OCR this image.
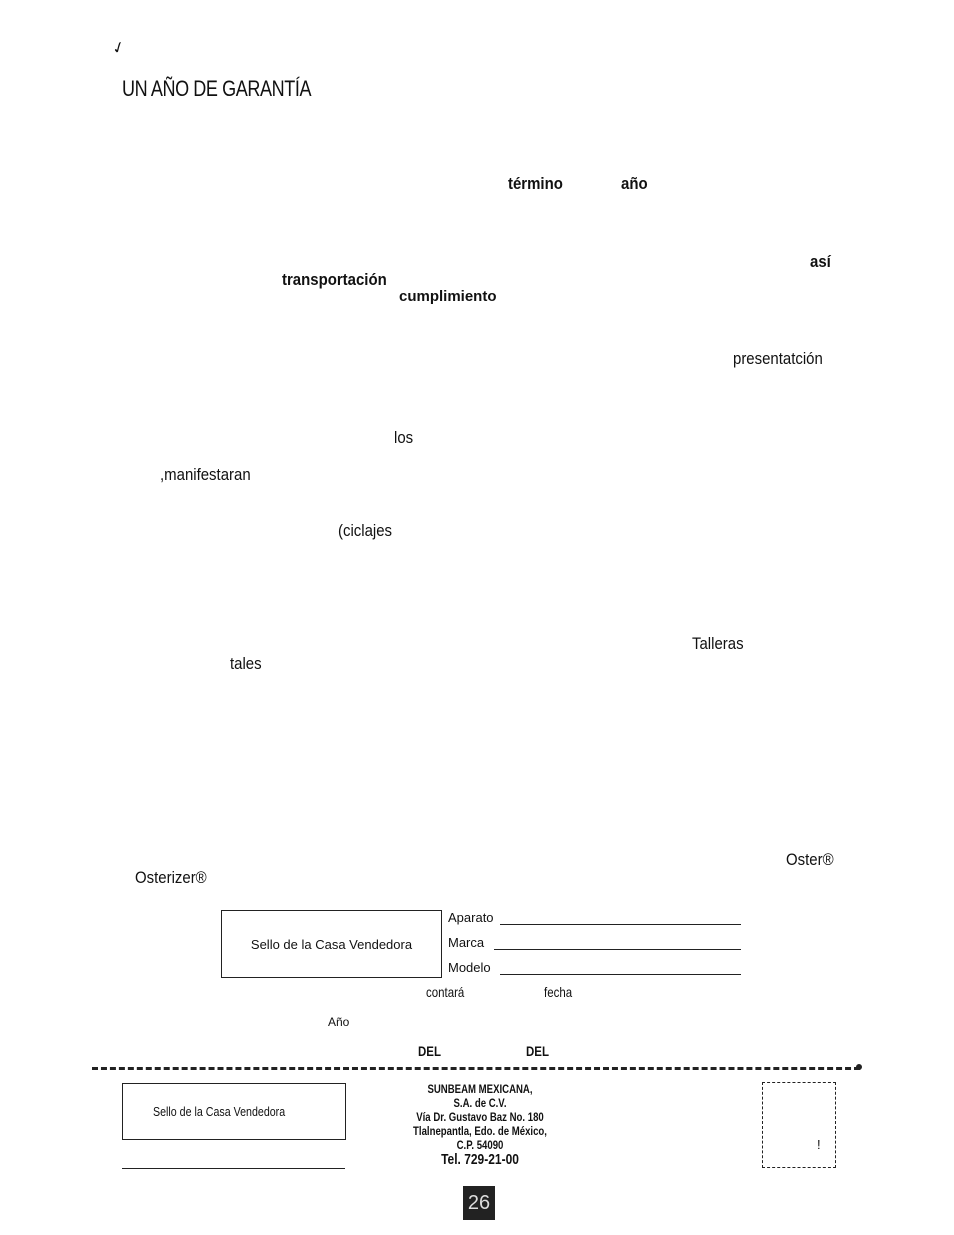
✓
UN AÑO DE GARANTÍA
término	año
así
transportación
cumplimiento
presentatción
los
,manifestaran
(ciclajes
Talleras
tales
Oster®
Osterizer®
Sello de la Casa Vendedora
Aparato
Marca
Modelo
contará	fecha
Año
DEL	DEL
Sello de la Casa Vendedora
SUNBEAM MEXICANA,
S.A. de C.V.
Vía Dr. Gustavo Baz No. 180
Tlalnepantla, Edo. de México,
C.P. 54090
Tel. 729-21-00
!
26
